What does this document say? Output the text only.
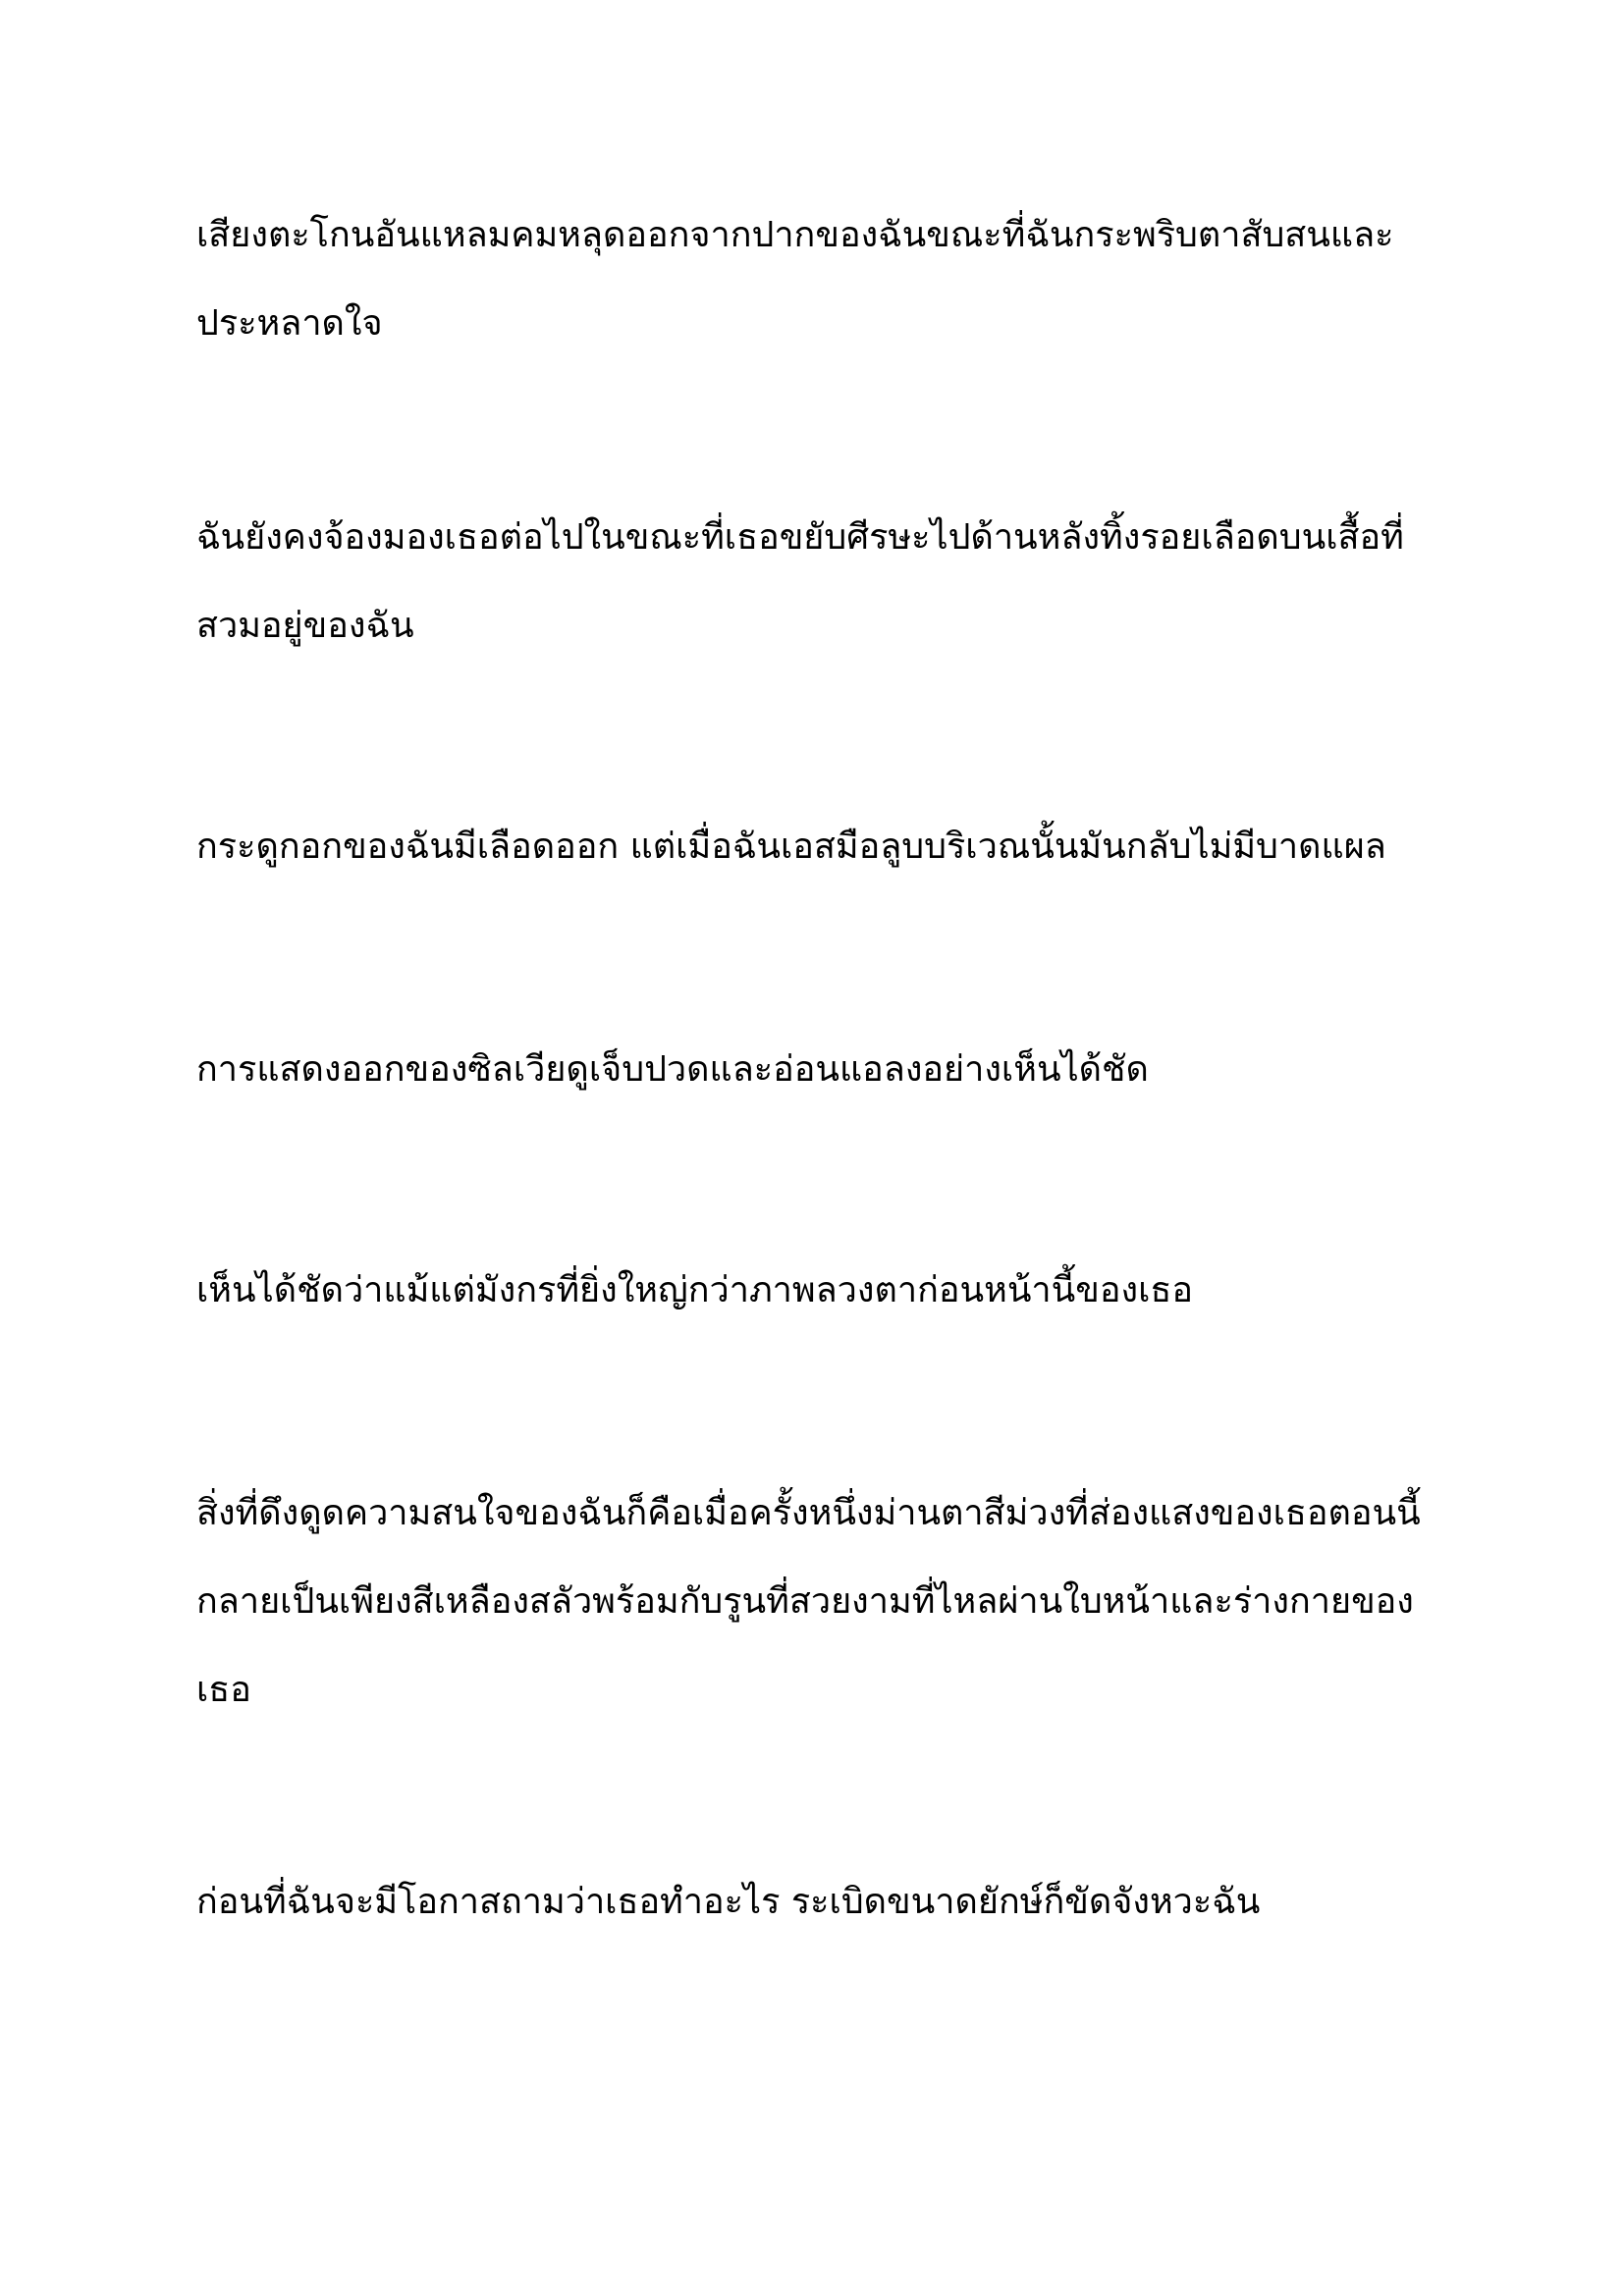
เสียงตะโกนอันแหลมคมหลุดออกจากปากของฉันขณะที่ฉันกระพริบตาสับสนและ
ประหลาดใจ

ฉันยังคงจ้องมองเธอต่อไปในขณะที่เธอขยับศีรษะไปด้านหลังทิ้งรอยเลือดบนเสื้อที่
สวมอยู่ของฉัน

กระดูกอกของฉันมีเลือดออก แต่เมื่อฉันเอสมือลูบบริเวณนั้นมันกลับไม่มีบาดแผล

การแสดงออกของซิลเวียดูเจ็บปวดและอ่อนแอลงอย่างเห็นได้ชัด

เห็นได้ชัดว่าแม้แต่มังกรที่ยิ่งใหญ่กว่าภาพลวงตาก่อนหน้านี้ของเธอ

สิ่งที่ดึงดูดความสนใจของฉันก็คือเมื่อครั้งหนึ่งม่านตาสีม่วงที่ส่องแสงของเธอตอนนี้
กลายเป็นเพียงสีเหลืองสลัวพร้อมกับรูนที่สวยงามที่ไหลผ่านใบหน้าและร่างกายของ
เธอ

ก่อนที่ฉันจะมีโอกาสถามว่าเธอทำอะไร ระเบิดขนาดยักษ์ก็ขัดจังหวะฉัน
